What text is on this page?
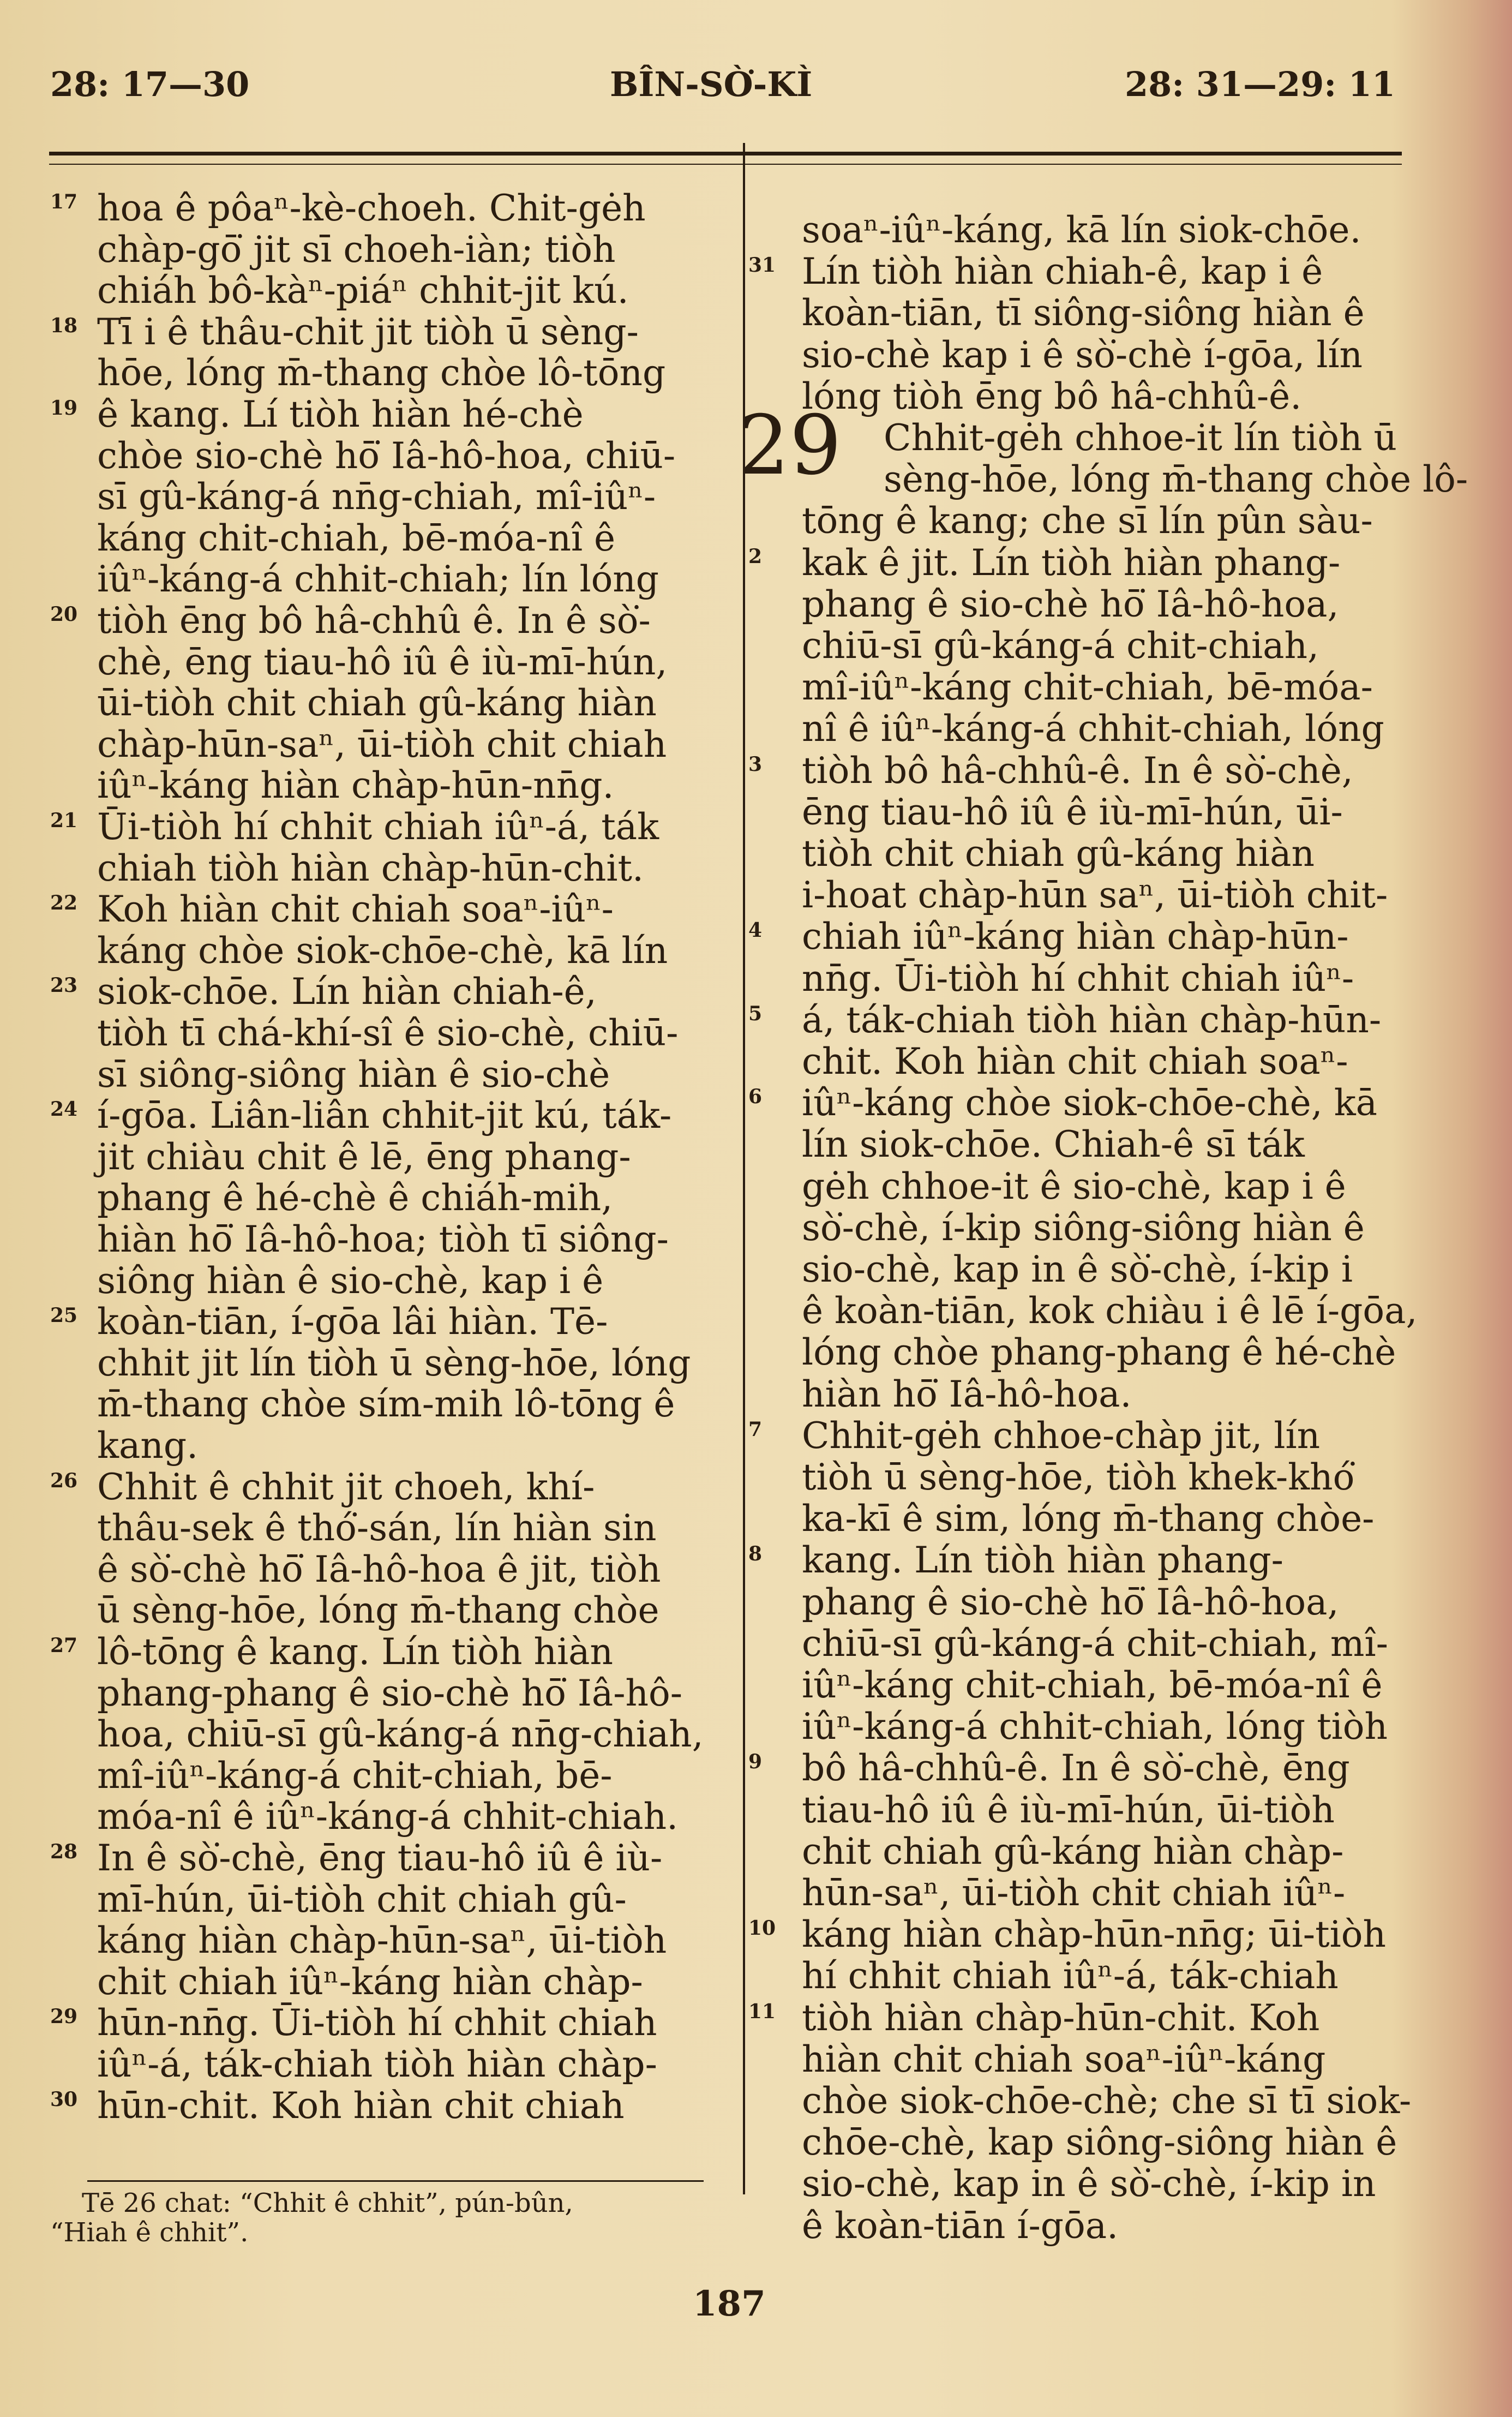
28: 17—30	BÎN-SÒ͘-KÌ	28: 31—29: 11
hoa ê pôaⁿ-kè-choeh. Chit-gėh
chàp-gō͘ jit sī choeh-iàn; tiòh
chiáh bô-kàⁿ-piáⁿ chhit-jit kú.
Tī i ê thâu-chit jit tiòh ū sèng-
hōe, lóng m̄-thang chòe lô-tōng
ê kang. Lí tiòh hiàn hé-chè
chòe sio-chè hō͘ Iâ-hô-hoa, chiū-
sī gû-káng-á nn̄g-chiah, mî-iûⁿ-
káng chit-chiah, bē-móa-nî ê
iûⁿ-káng-á chhit-chiah; lín lóng
tiòh ēng bô hâ-chhû ê. In ê sò͘-
chè, ēng tiau-hô iû ê iù-mī-hún,
ūi-tiòh chit chiah gû-káng hiàn
chàp-hūn-saⁿ, ūi-tiòh chit chiah
iûⁿ-káng hiàn chàp-hūn-nn̄g.
Ūi-tiòh hí chhit chiah iûⁿ-á, ták
chiah tiòh hiàn chàp-hūn-chit.
Koh hiàn chit chiah soaⁿ-iûⁿ-
káng chòe siok-chōe-chè, kā lín
siok-chōe. Lín hiàn chiah-ê,
tiòh tī chá-khí-sî ê sio-chè, chiū-
sī siông-siông hiàn ê sio-chè
í-gōa. Liân-liân chhit-jit kú, ták-
jit chiàu chit ê lē, ēng phang-
phang ê hé-chè ê chiáh-mih,
hiàn hō͘ Iâ-hô-hoa; tiòh tī siông-
siông hiàn ê sio-chè, kap i ê
koàn-tiān, í-gōa lâi hiàn. Tē-
chhit jit lín tiòh ū sèng-hōe, lóng
m̄-thang chòe sím-mih lô-tōng ê
kang.
Chhit ê chhit jit choeh, khí-
thâu-sek ê thó͘-sán, lín hiàn sin
ê sò͘-chè hō͘ Iâ-hô-hoa ê jit, tiòh
ū sèng-hōe, lóng m̄-thang chòe
lô-tōng ê kang. Lín tiòh hiàn
phang-phang ê sio-chè hō͘ Iâ-hô-
hoa, chiū-sī gû-káng-á nn̄g-chiah,
mî-iûⁿ-káng-á chit-chiah, bē-
móa-nî ê iûⁿ-káng-á chhit-chiah.
In ê sò͘-chè, ēng tiau-hô iû ê iù-
mī-hún, ūi-tiòh chit chiah gû-
káng hiàn chàp-hūn-saⁿ, ūi-tiòh
chit chiah iûⁿ-káng hiàn chàp-
hūn-nn̄g. Ūi-tiòh hí chhit chiah
iûⁿ-á, ták-chiah tiòh hiàn chàp-
hūn-chit. Koh hiàn chit chiah
17
18
19
20
21
22
23
24
25
26
27
28
29
30
29
soaⁿ-iûⁿ-káng, kā lín siok-chōe.
Lín tiòh hiàn chiah-ê, kap i ê
koàn-tiān, tī siông-siông hiàn ê
sio-chè kap i ê sò͘-chè í-gōa, lín
lóng tiòh ēng bô hâ-chhû-ê.
Chhit-gėh chhoe-it lín tiòh ū
sèng-hōe, lóng m̄-thang chòe lô-
tōng ê kang; che sī lín pûn sàu-
kak ê jit. Lín tiòh hiàn phang-
phang ê sio-chè hō͘ Iâ-hô-hoa,
chiū-sī gû-káng-á chit-chiah,
mî-iûⁿ-káng chit-chiah, bē-móa-
nî ê iûⁿ-káng-á chhit-chiah, lóng
tiòh bô hâ-chhû-ê. In ê sò͘-chè,
ēng tiau-hô iû ê iù-mī-hún, ūi-
tiòh chit chiah gû-káng hiàn
i-hoat chàp-hūn saⁿ, ūi-tiòh chit-
chiah iûⁿ-káng hiàn chàp-hūn-
nn̄g. Ūi-tiòh hí chhit chiah iûⁿ-
á, ták-chiah tiòh hiàn chàp-hūn-
chit. Koh hiàn chit chiah soaⁿ-
iûⁿ-káng chòe siok-chōe-chè, kā
lín siok-chōe. Chiah-ê sī ták
gėh chhoe-it ê sio-chè, kap i ê
sò͘-chè, í-kip siông-siông hiàn ê
sio-chè, kap in ê sò͘-chè, í-kip i
ê koàn-tiān, kok chiàu i ê lē í-gōa,
lóng chòe phang-phang ê hé-chè
hiàn hō͘ Iâ-hô-hoa.
Chhit-gėh chhoe-chàp jit, lín
tiòh ū sèng-hōe, tiòh khek-khó͘
ka-kī ê sim, lóng m̄-thang chòe-
kang. Lín tiòh hiàn phang-
phang ê sio-chè hō͘ Iâ-hô-hoa,
chiū-sī gû-káng-á chit-chiah, mî-
iûⁿ-káng chit-chiah, bē-móa-nî ê
iûⁿ-káng-á chhit-chiah, lóng tiòh
bô hâ-chhû-ê. In ê sò͘-chè, ēng
tiau-hô iû ê iù-mī-hún, ūi-tiòh
chit chiah gû-káng hiàn chàp-
hūn-saⁿ, ūi-tiòh chit chiah iûⁿ-
káng hiàn chàp-hūn-nn̄g; ūi-tiòh
hí chhit chiah iûⁿ-á, ták-chiah
tiòh hiàn chàp-hūn-chit. Koh
hiàn chit chiah soaⁿ-iûⁿ-káng
chòe siok-chōe-chè; che sī tī siok-
chōe-chè, kap siông-siông hiàn ê
sio-chè, kap in ê sò͘-chè, í-kip in
ê koàn-tiān í-gōa.
31
2
3
4
5
6
7
8
9
10
11
Tē 26 chat: “Chhit ê chhit”, pún-bûn,
“Hiah ê chhit”.
187
